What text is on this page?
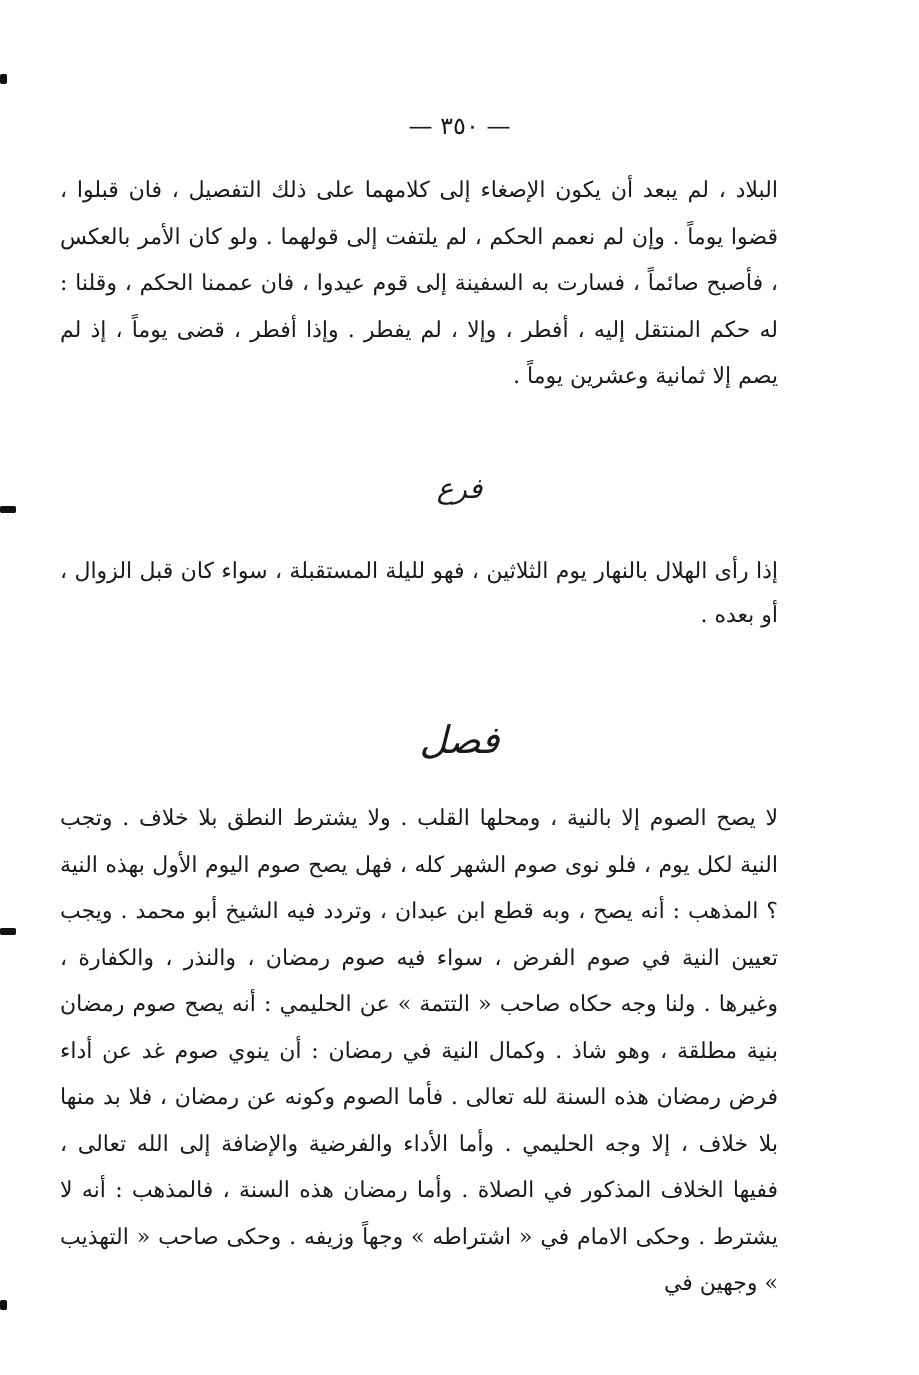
— ٣٥٠ —

البلاد ، لم يبعد أن يكون الإصغاء إلى كلامهما على ذلك التفصيل ، فان قبلوا ، قضوا يوماً . وإن لم نعمم الحكم ، لم يلتفت إلى قولهما . ولو كان الأمر بالعكس ، فأصبح صائماً ، فسارت به السفينة إلى قوم عيدوا ، فان عممنا الحكم ، وقلنا : له حكم المنتقل إليه ، أفطر ، وإلا ، لم يفطر . وإذا أفطر ، قضى يوماً ، إذ لم يصم إلا ثمانية وعشرين يوماً .

فرع

إذا رأى الهلال بالنهار يوم الثلاثين ، فهو لليلة المستقبلة ، سواء كان قبل الزوال ، أو بعده .

فصل

لا يصح الصوم إلا بالنية ، ومحلها القلب . ولا يشترط النطق بلا خلاف . وتجب النية لكل يوم ، فلو نوى صوم الشهر كله ، فهل يصح صوم اليوم الأول بهذه النية ؟ المذهب : أنه يصح ، وبه قطع ابن عبدان ، وتردد فيه الشيخ أبو محمد . ويجب تعيين النية في صوم الفرض ، سواء فيه صوم رمضان ، والنذر ، والكفارة ، وغيرها . ولنا وجه حكاه صاحب « التتمة » عن الحليمي : أنه يصح صوم رمضان بنية مطلقة ، وهو شاذ . وكمال النية في رمضان : أن ينوي صوم غد عن أداء فرض رمضان هذه السنة لله تعالى . فأما الصوم وكونه عن رمضان ، فلا بد منها بلا خلاف ، إلا وجه الحليمي . وأما الأداء والفرضية والإضافة إلى الله تعالى ، ففيها الخلاف المذكور في الصلاة . وأما رمضان هذه السنة ، فالمذهب : أنه لا يشترط . وحكى الامام في « اشتراطه » وجهاً وزيفه . وحكى صاحب « التهذيب » وجهين في
